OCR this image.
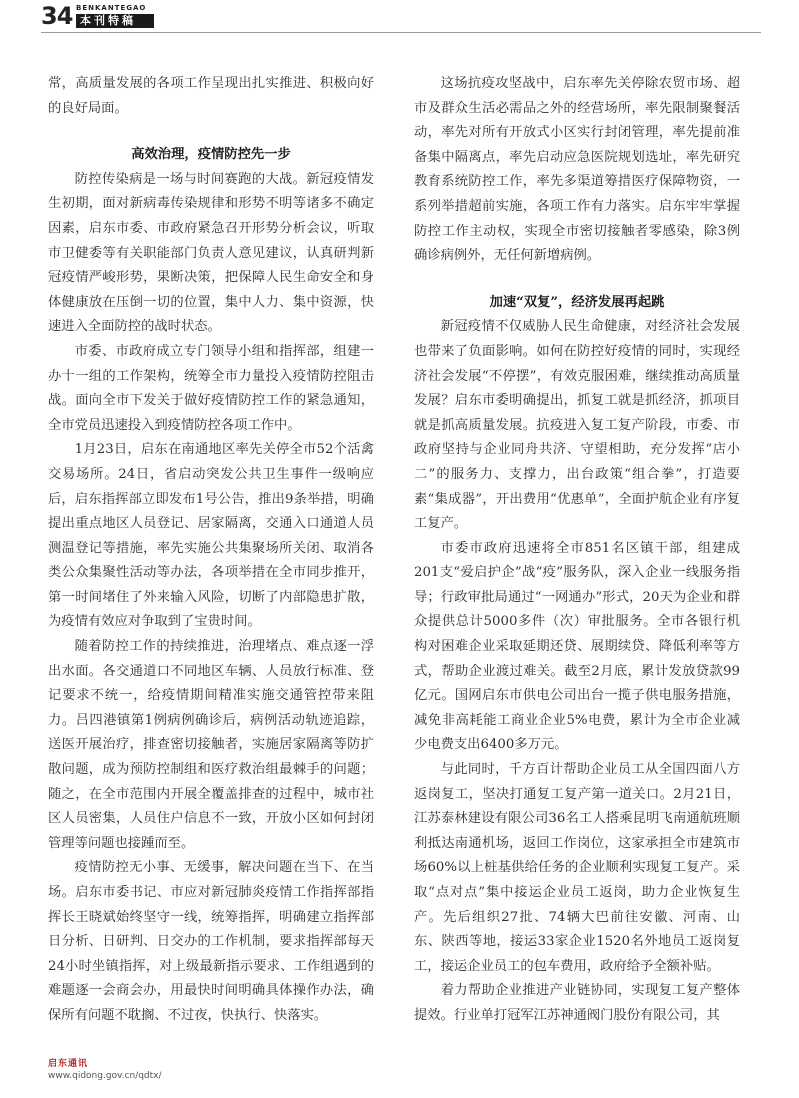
34 BENKANTEGAO
本刊特稿

常，高质量发展的各项工作呈现出扎实推进、积极向好的良好局面。

高效治理，疫情防控先一步

防控传染病是一场与时间赛跑的大战。新冠疫情发生初期，面对新病毒传染规律和形势不明等诸多不确定因素，启东市委、市政府紧急召开形势分析会议，听取市卫健委等有关职能部门负责人意见建议，认真研判新冠疫情严峻形势，果断决策，把保障人民生命安全和身体健康放在压倒一切的位置，集中人力、集中资源，快速进入全面防控的战时状态。

市委、市政府成立专门领导小组和指挥部，组建一办十一组的工作架构，统筹全市力量投入疫情防控阻击战。面向全市下发关于做好疫情防控工作的紧急通知，全市党员迅速投入到疫情防控各项工作中。

1月23日，启东在南通地区率先关停全市52个活禽交易场所。24日，省启动突发公共卫生事件一级响应后，启东指挥部立即发布1号公告，推出9条举措，明确提出重点地区人员登记、居家隔离，交通入口通道人员测温登记等措施，率先实施公共集聚场所关闭、取消各类公众集聚性活动等办法，各项举措在全市同步推开，第一时间堵住了外来输入风险，切断了内部隐患扩散，为疫情有效应对争取到了宝贵时间。

随着防控工作的持续推进，治理堵点、难点逐一浮出水面。各交通道口不同地区车辆、人员放行标准、登记要求不统一，给疫情期间精准实施交通管控带来阻力。吕四港镇第1例病例确诊后，病例活动轨迹追踪，送医开展治疗，排查密切接触者，实施居家隔离等防扩散问题，成为预防控制组和医疗救治组最棘手的问题；随之，在全市范围内开展全覆盖排查的过程中，城市社区人员密集，人员住户信息不一致，开放小区如何封闭管理等问题也接踵而至。

疫情防控无小事、无缓事，解决问题在当下、在当场。启东市委书记、市应对新冠肺炎疫情工作指挥部指挥长王晓斌始终坚守一线，统筹指挥，明确建立指挥部日分析、日研判、日交办的工作机制，要求指挥部每天24小时坐镇指挥，对上级最新指示要求、工作组遇到的难题逐一会商会办，用最快时间明确具体操作办法，确保所有问题不耽搁、不过夜，快执行、快落实。

这场抗疫攻坚战中，启东率先关停除农贸市场、超市及群众生活必需品之外的经营场所，率先限制聚餐活动，率先对所有开放式小区实行封闭管理，率先提前准备集中隔离点，率先启动应急医院规划选址，率先研究教育系统防控工作，率先多渠道筹措医疗保障物资，一系列举措超前实施，各项工作有力落实。启东牢牢掌握防控工作主动权，实现全市密切接触者零感染，除3例确诊病例外，无任何新增病例。

加速“双复”，经济发展再起跳

新冠疫情不仅威胁人民生命健康，对经济社会发展也带来了负面影响。如何在防控好疫情的同时，实现经济社会发展“不停摆”，有效克服困难，继续推动高质量发展？启东市委明确提出，抓复工就是抓经济，抓项目就是抓高质量发展。抗疫进入复工复产阶段，市委、市政府坚持与企业同舟共济、守望相助，充分发挥“店小二”的服务力、支撑力，出台政策“组合拳”，打造要素“集成器”，开出费用“优惠单”，全面护航企业有序复工复产。

市委市政府迅速将全市851名区镇干部，组建成201支“爱启护企”战“疫”服务队，深入企业一线服务指导；行政审批局通过“一网通办”形式，20天为企业和群众提供总计5000多件（次）审批服务。全市各银行机构对困难企业采取延期还贷、展期续贷、降低利率等方式，帮助企业渡过难关。截至2月底，累计发放贷款99亿元。国网启东市供电公司出台一揽子供电服务措施，减免非高耗能工商业企业5%电费，累计为全市企业减少电费支出6400多万元。

与此同时，千方百计帮助企业员工从全国四面八方返岗复工，坚决打通复工复产第一道关口。2月21日，江苏泰林建设有限公司36名工人搭乘昆明飞南通航班顺利抵达南通机场，返回工作岗位，这家承担全市建筑市场60%以上桩基供给任务的企业顺利实现复工复产。采取“点对点”集中接运企业员工返岗，助力企业恢复生产。先后组织27批、74辆大巴前往安徽、河南、山东、陕西等地，接运33家企业1520名外地员工返岗复工，接运企业员工的包车费用，政府给予全额补贴。

着力帮助企业推进产业链协同，实现复工复产整体提效。行业单打冠军江苏神通阀门股份有限公司，其

启东通讯
www.qidong.gov.cn/qdtx/
